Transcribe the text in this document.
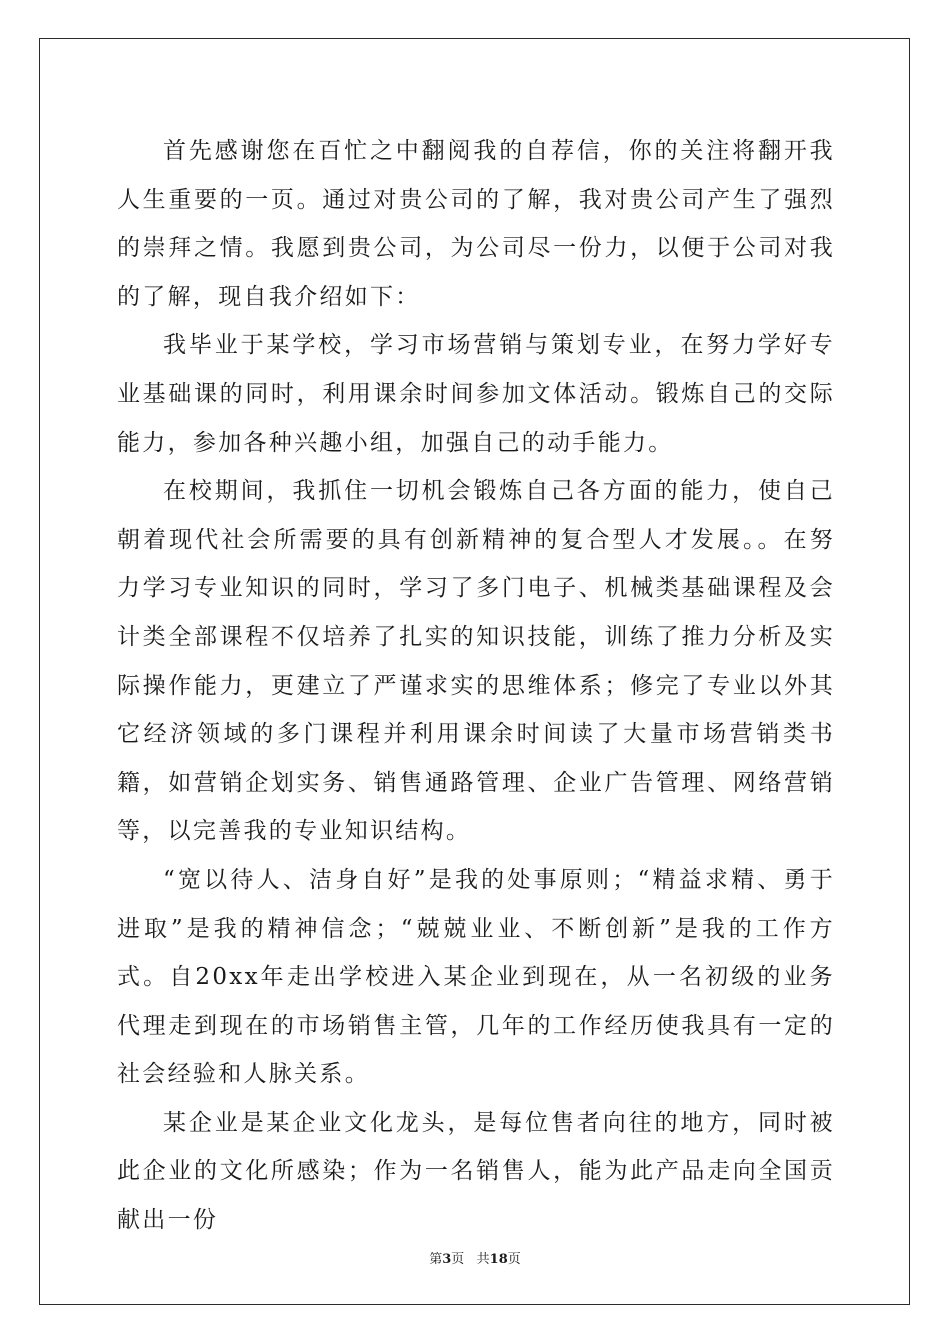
首先感谢您在百忙之中翻阅我的自荐信，你的关注将翻开我人生重要的一页。通过对贵公司的了解，我对贵公司产生了强烈的崇拜之情。我愿到贵公司，为公司尽一份力，以便于公司对我的了解，现自我介绍如下：

我毕业于某学校，学习市场营销与策划专业，在努力学好专业基础课的同时，利用课余时间参加文体活动。锻炼自己的交际能力，参加各种兴趣小组，加强自己的动手能力。

在校期间，我抓住一切机会锻炼自己各方面的能力，使自己朝着现代社会所需要的具有创新精神的复合型人才发展。。在努力学习专业知识的同时，学习了多门电子、机械类基础课程及会计类全部课程不仅培养了扎实的知识技能，训练了推力分析及实际操作能力，更建立了严谨求实的思维体系；修完了专业以外其它经济领域的多门课程并利用课余时间读了大量市场营销类书籍，如营销企划实务、销售通路管理、企业广告管理、网络营销等，以完善我的专业知识结构。

“宽以待人、洁身自好”是我的处事原则；“精益求精、勇于进取”是我的精神信念；“兢兢业业、不断创新”是我的工作方式。自20xx年走出学校进入某企业到现在，从一名初级的业务代理走到现在的市场销售主管，几年的工作经历使我具有一定的社会经验和人脉关系。

某企业是某企业文化龙头，是每位售者向往的地方，同时被此企业的文化所感染；作为一名销售人，能为此产品走向全国贡献出一份

第3页   共18页
